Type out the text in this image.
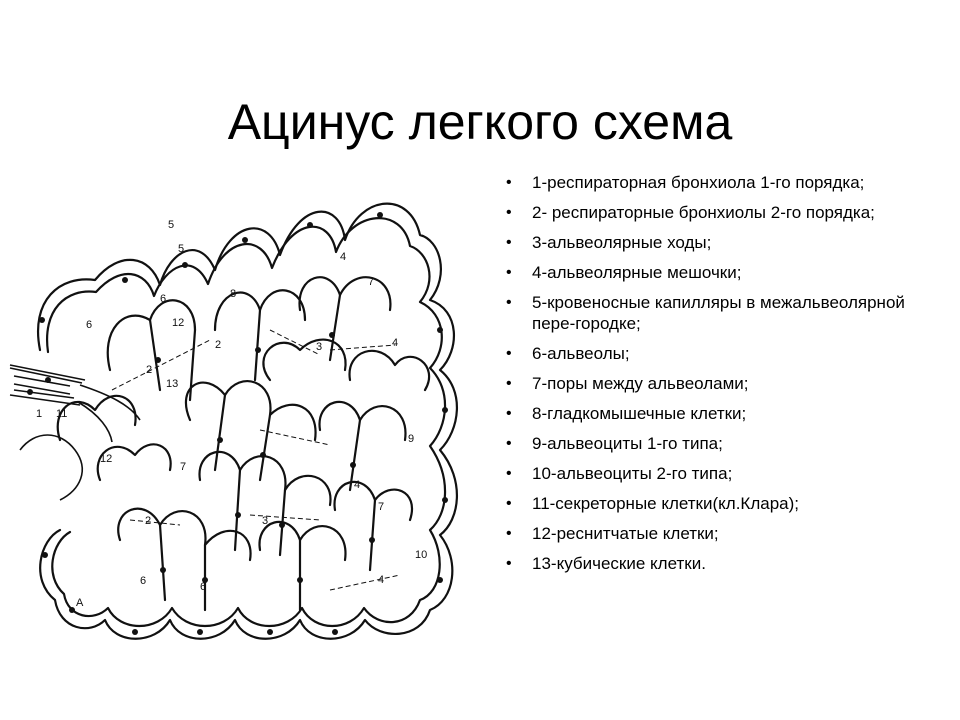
Ацинус легкого схема
5
5
4
7
8
6
6	12
3	4
2
2
1 11
13
12
7
9
4
7
2	3
10
6	6
4
A
• 1-респираторная бронхиола 1-го порядка;
• 2- респираторные бронхиолы 2-го порядка;
• 3-альвеолярные ходы;
• 4-альвеолярные мешочки;
• 5-кровеносные капилляры в межальвеолярной пере-городке;
• 6-альвеолы;
• 7-поры между альвеолами;
• 8-гладкомышечные клетки;
• 9-альвеоциты 1-го типа;
• 10-альвеоциты 2-го типа;
• 11-секреторные клетки(кл.Клара);
• 12-реснитчатые клетки;
• 13-кубические клетки.
